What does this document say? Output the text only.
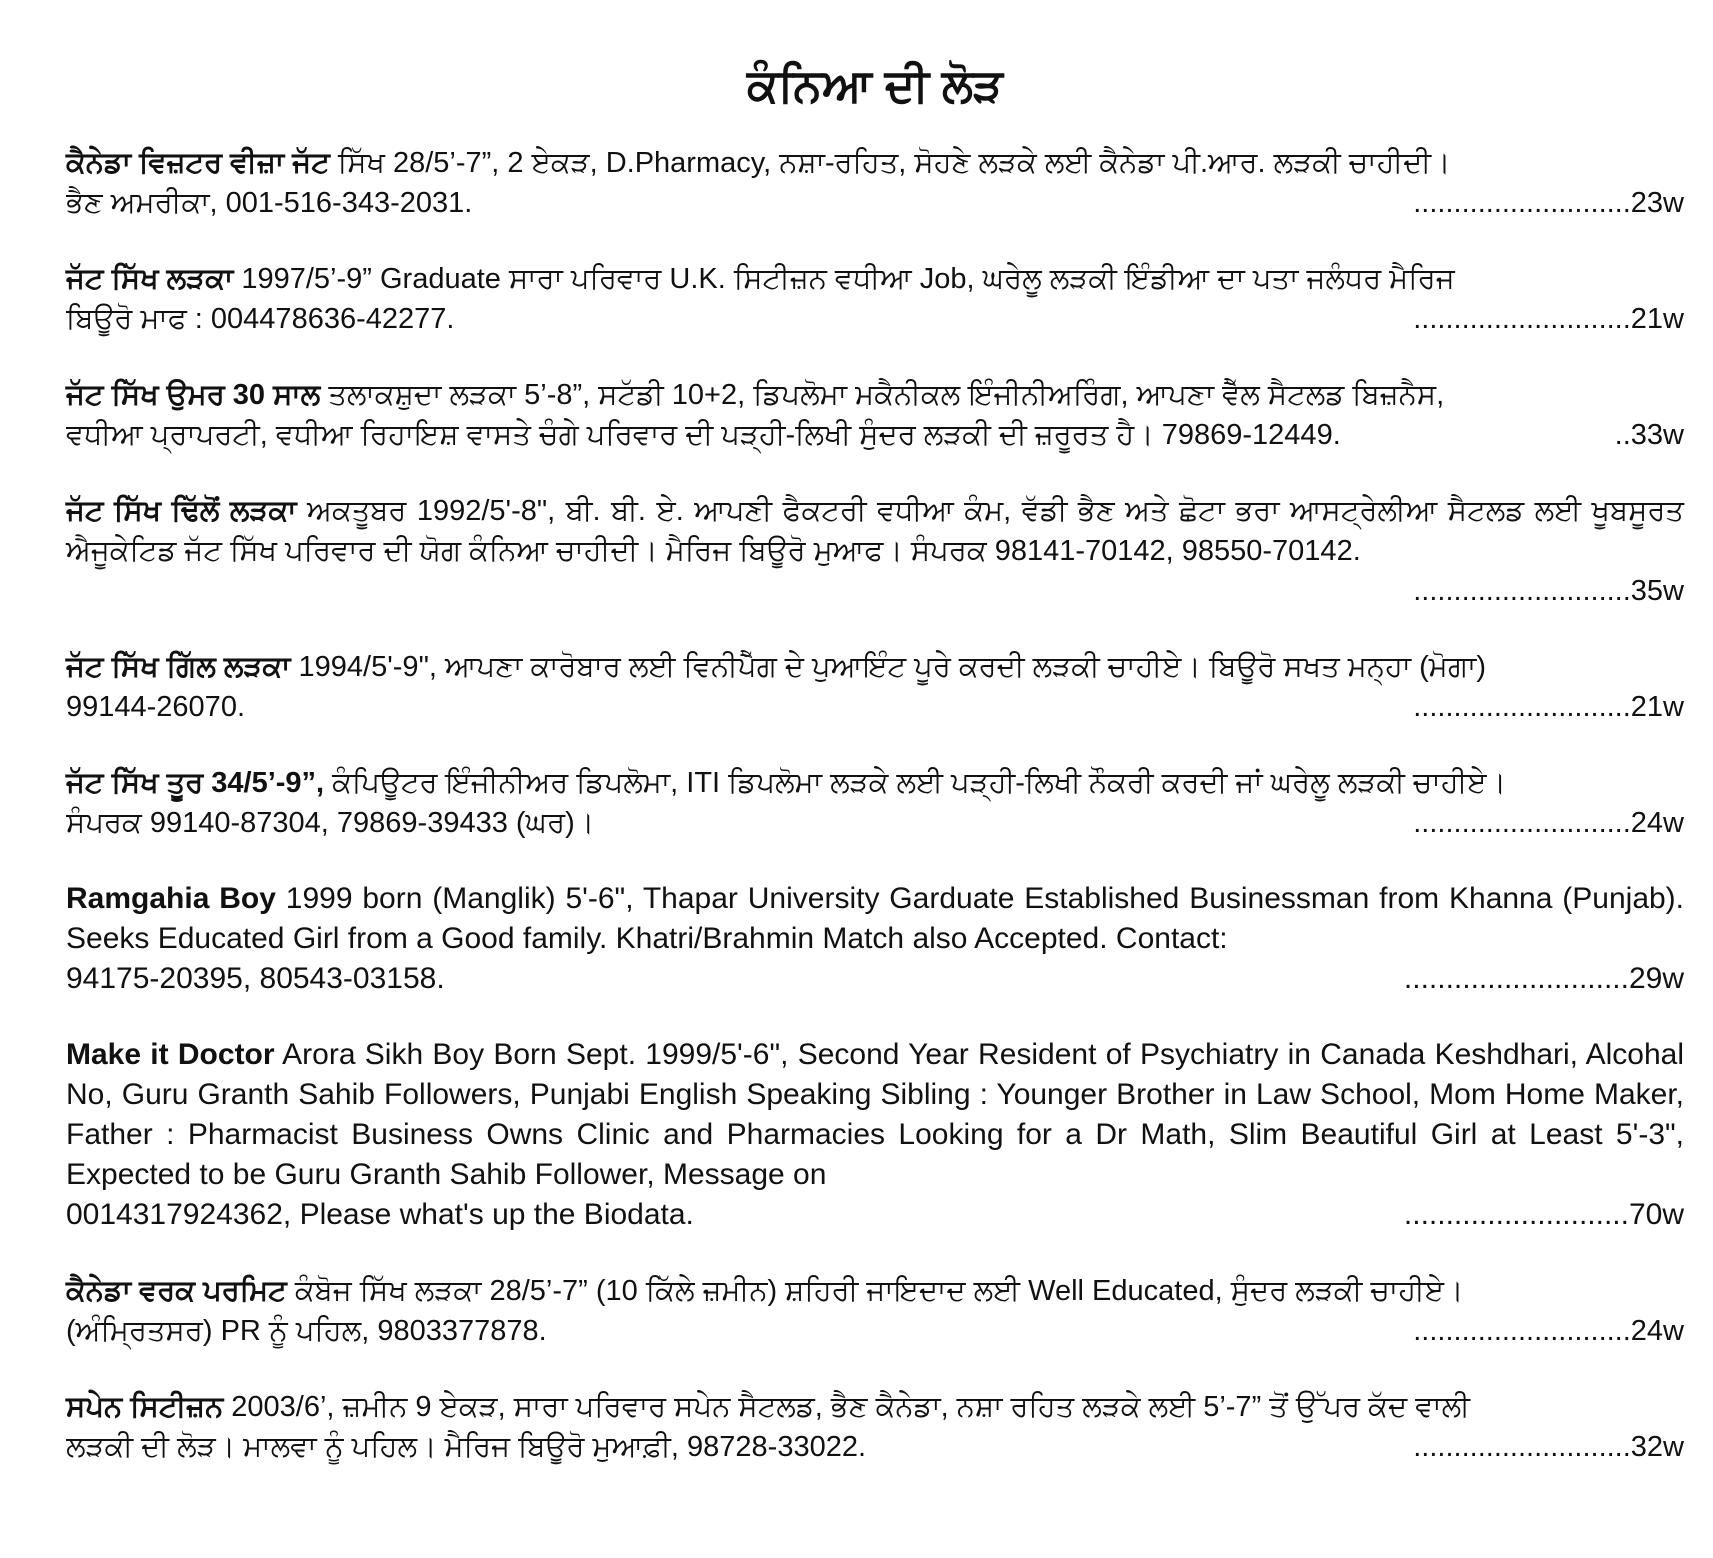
ਕੰਨਿਆ ਦੀ ਲੋੜ
ਕੈਨੇਡਾ ਵਿਜ਼ਟਰ ਵੀਜ਼ਾ ਜੱਟ ਸਿੱਖ 28/5’-7”, 2 ਏਕੜ, D.Pharmacy, ਨਸ਼ਾ-ਰਹਿਤ, ਸੋਹਣੇ ਲੜਕੇ ਲਈ ਕੈਨੇਡਾ ਪੀ.ਆਰ. ਲੜਕੀ ਚਾਹੀਦੀ।
ਭੈਣ ਅਮਰੀਕਾ, 001-516-343-2031.	...........................23w
ਜੱਟ ਸਿੱਖ ਲੜਕਾ 1997/5’-9” Graduate ਸਾਰਾ ਪਰਿਵਾਰ U.K. ਸਿਟੀਜ਼ਨ ਵਧੀਆ Job, ਘਰੇਲੂ ਲੜਕੀ ਇੰਡੀਆ ਦਾ ਪਤਾ ਜਲੰਧਰ ਮੈਰਿਜ
ਬਿਊਰੋ ਮਾਫ : 004478636-42277.	...........................21w
ਜੱਟ ਸਿੱਖ ਉਮਰ 30 ਸਾਲ ਤਲਾਕਸ਼ੁਦਾ ਲੜਕਾ 5’-8”, ਸਟੱਡੀ 10+2, ਡਿਪਲੋਮਾ ਮਕੈਨੀਕਲ ਇੰਜੀਨੀਅਰਿੰਗ, ਆਪਣਾ ਵੈੱਲ ਸੈਟਲਡ ਬਿਜ਼ਨੈਸ,
ਵਧੀਆ ਪ੍ਰਾਪਰਟੀ, ਵਧੀਆ ਰਿਹਾਇਸ਼ ਵਾਸਤੇ ਚੰਗੇ ਪਰਿਵਾਰ ਦੀ ਪੜ੍ਹੀ-ਲਿਖੀ ਸੁੰਦਰ ਲੜਕੀ ਦੀ ਜ਼ਰੂਰਤ ਹੈ। 79869-12449.	..33w
ਜੱਟ ਸਿੱਖ ਢਿੱਲੋਂ ਲੜਕਾ ਅਕਤੂਬਰ 1992/5'-8", ਬੀ. ਬੀ. ਏ. ਆਪਣੀ ਫੈਕਟਰੀ ਵਧੀਆ ਕੰਮ, ਵੱਡੀ ਭੈਣ ਅਤੇ ਛੋਟਾ ਭਰਾ ਆਸਟ੍ਰੇਲੀਆ ਸੈਟਲਡ ਲਈ ਖੂਬਸੂਰਤ ਐਜੂਕੇਟਿਡ ਜੱਟ ਸਿੱਖ ਪਰਿਵਾਰ ਦੀ ਯੋਗ ਕੰਨਿਆ ਚਾਹੀਦੀ। ਮੈਰਿਜ ਬਿਊਰੋ ਮੁਆਫ। ਸੰਪਰਕ 98141-70142, 98550-70142.
...........................35w
ਜੱਟ ਸਿੱਖ ਗਿੱਲ ਲੜਕਾ 1994/5'-9", ਆਪਣਾ ਕਾਰੋਬਾਰ ਲਈ ਵਿਨੀਪੈੱਗ ਦੇ ਪੁਆਇੰਟ ਪੂਰੇ ਕਰਦੀ ਲੜਕੀ ਚਾਹੀਏ। ਬਿਊਰੋ ਸਖਤ ਮਨ੍ਹਾ (ਮੋਗਾ)
99144-26070.	...........................21w
ਜੱਟ ਸਿੱਖ ਤੂਰ 34/5’-9”, ਕੰਪਿਊਟਰ ਇੰਜੀਨੀਅਰ ਡਿਪਲੋਮਾ, ITI ਡਿਪਲੋਮਾ ਲੜਕੇ ਲਈ ਪੜ੍ਹੀ-ਲਿਖੀ ਨੌਕਰੀ ਕਰਦੀ ਜਾਂ ਘਰੇਲੂ ਲੜਕੀ ਚਾਹੀਏ।
ਸੰਪਰਕ 99140-87304, 79869-39433 (ਘਰ)।	...........................24w
Ramgahia Boy 1999 born (Manglik) 5'-6", Thapar University Garduate Established Businessman from Khanna (Punjab). Seeks Educated Girl from a Good family. Khatri/Brahmin Match also Accepted. Contact:
94175-20395, 80543-03158.	...........................29w
Make it Doctor Arora Sikh Boy Born Sept. 1999/5'-6", Second Year Resident of Psychiatry in Canada Keshdhari, Alcohal No, Guru Granth Sahib Followers, Punjabi English Speaking Sibling : Younger Brother in Law School, Mom Home Maker, Father : Pharmacist Business Owns Clinic and Pharmacies Looking for a Dr Math, Slim Beautiful Girl at Least 5'-3", Expected to be Guru Granth Sahib Follower, Message on
0014317924362, Please what's up the Biodata.	...........................70w
ਕੈਨੇਡਾ ਵਰਕ ਪਰਮਿਟ ਕੰਬੋਜ ਸਿੱਖ ਲੜਕਾ 28/5’-7” (10 ਕਿੱਲੇ ਜ਼ਮੀਨ) ਸ਼ਹਿਰੀ ਜਾਇਦਾਦ ਲਈ Well Educated, ਸੁੰਦਰ ਲੜਕੀ ਚਾਹੀਏ।
(ਅੰਮ੍ਰਿਤਸਰ) PR ਨੂੰ ਪਹਿਲ, 9803377878.	...........................24w
ਸਪੇਨ ਸਿਟੀਜ਼ਨ 2003/6’, ਜ਼ਮੀਨ 9 ਏਕੜ, ਸਾਰਾ ਪਰਿਵਾਰ ਸਪੇਨ ਸੈਟਲਡ, ਭੈਣ ਕੈਨੇਡਾ, ਨਸ਼ਾ ਰਹਿਤ ਲੜਕੇ ਲਈ 5’-7” ਤੋਂ ਉੱਪਰ ਕੱਦ ਵਾਲੀ
ਲੜਕੀ ਦੀ ਲੋੜ। ਮਾਲਵਾ ਨੂੰ ਪਹਿਲ। ਮੈਰਿਜ ਬਿਊਰੋ ਮੁਆਫ਼ੀ, 98728-33022.	...........................32w
